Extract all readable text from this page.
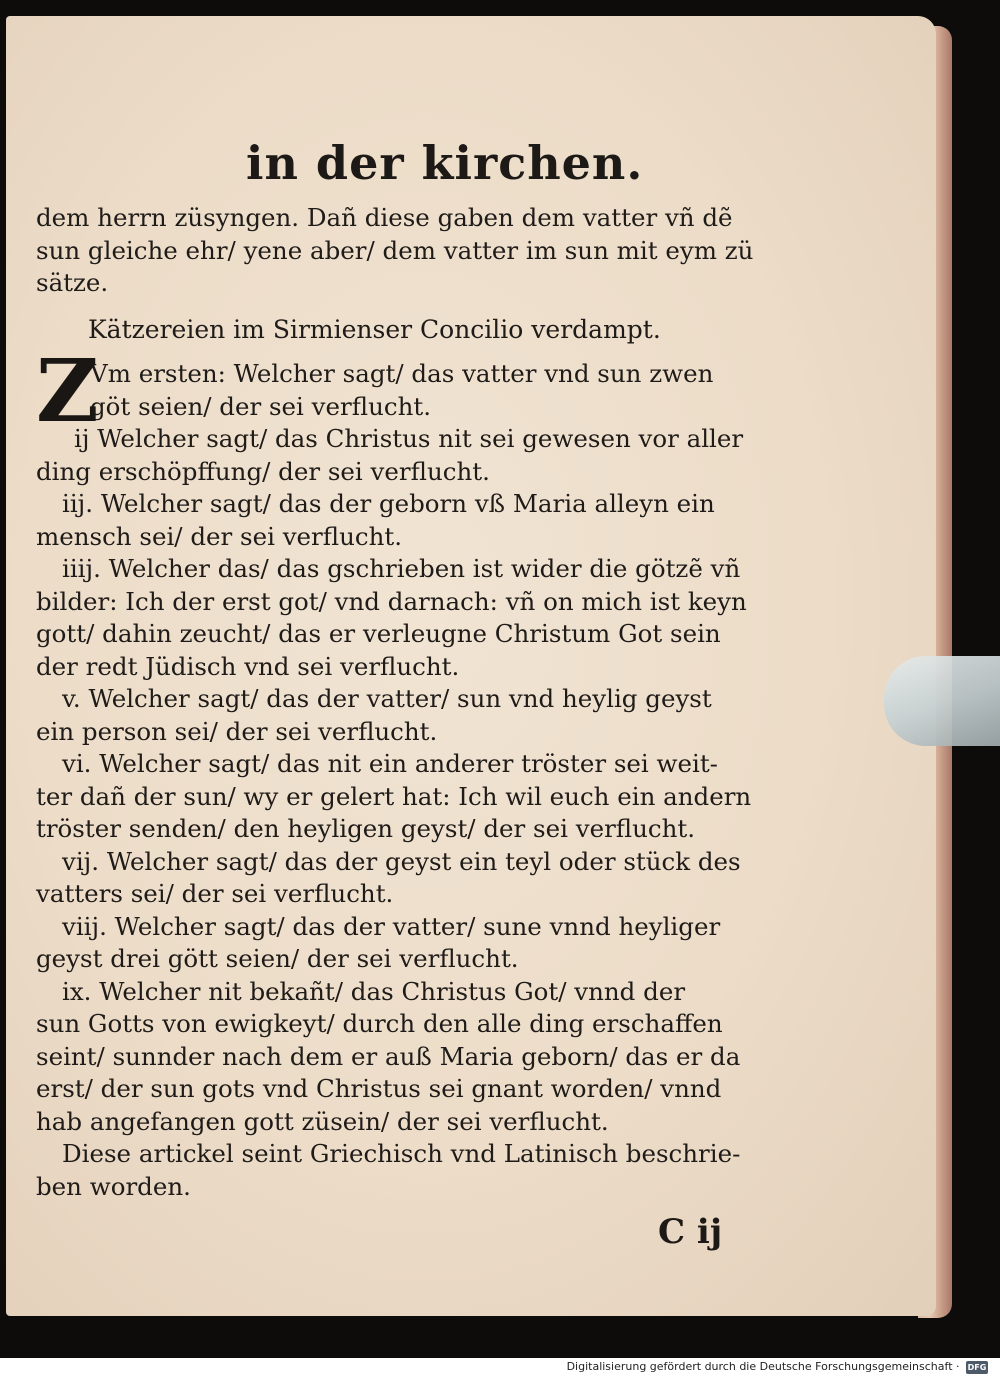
in der kirchen.
dem herrn züsyngen. Dañ diese gaben dem vatter vñ dẽ
sun gleiche ehr/ yene aber/ dem vatter im sun mit eym zü
sätze.
Kätzereien im Sirmienser Concilio verdampt.
Z
Vm ersten: Welcher sagt/ das vatter vnd sun zwen
göt seien/ der sei verflucht.
ij Welcher sagt/ das Christus nit sei gewesen vor aller
ding erschöpffung/ der sei verflucht.
iij. Welcher sagt/ das der geborn vß Maria alleyn ein
mensch sei/ der sei verflucht.
iiij. Welcher das/ das gschrieben ist wider die götzẽ vñ
bilder: Ich der erst got/ vnd darnach: vñ on mich ist keyn
gott/ dahin zeucht/ das er verleugne Christum Got sein
der redt Jüdisch vnd sei verflucht.
v. Welcher sagt/ das der vatter/ sun vnd heylig geyst
ein person sei/ der sei verflucht.
vi. Welcher sagt/ das nit ein anderer tröster sei weit-
ter dañ der sun/ wy er gelert hat: Ich wil euch ein andern
tröster senden/ den heyligen geyst/ der sei verflucht.
vij. Welcher sagt/ das der geyst ein teyl oder stück des
vatters sei/ der sei verflucht.
viij. Welcher sagt/ das der vatter/ sune vnnd heyliger
geyst drei gött seien/ der sei verflucht.
ix. Welcher nit bekañt/ das Christus Got/ vnnd der
sun Gotts von ewigkeyt/ durch den alle ding erschaffen
seint/ sunnder nach dem er auß Maria geborn/ das er da
erst/ der sun gots vnd Christus sei gnant worden/ vnnd
hab angefangen gott züsein/ der sei verflucht.
Diese artickel seint Griechisch vnd Latinisch beschrie-
ben worden.
C ij
Digitalisierung gefördert durch die Deutsche Forschungsgemeinschaft · DFG
